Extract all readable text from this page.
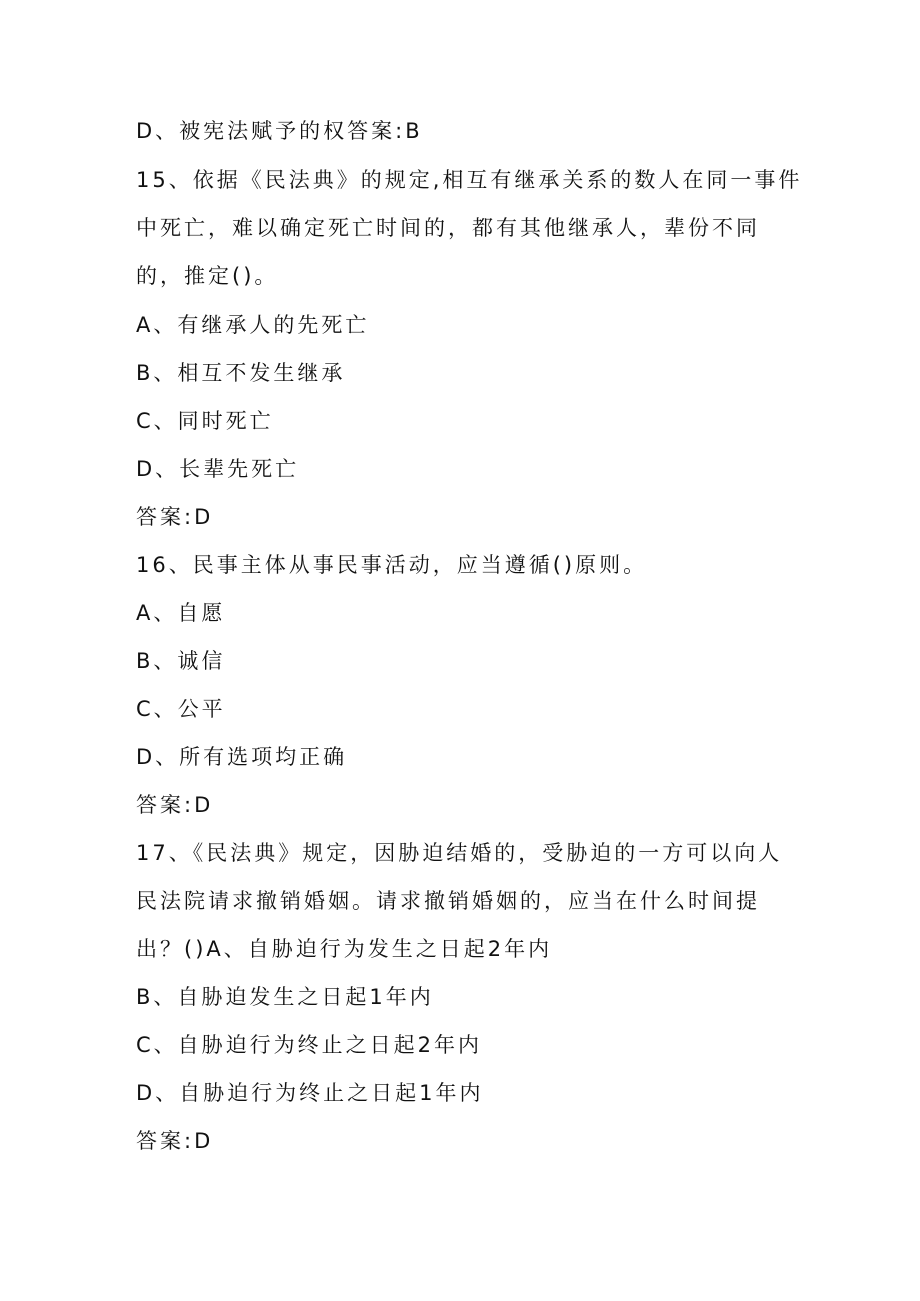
D、被宪法赋予的权答案:B
15、依据《民法典》的规定,相互有继承关系的数人在同一事件
中死亡，难以确定死亡时间的，都有其他继承人，辈份不同
的，推定()。
A、有继承人的先死亡
B、相互不发生继承
C、同时死亡
D、长辈先死亡
答案:D
16、民事主体从事民事活动，应当遵循()原则。
A、自愿
B、诚信
C、公平
D、所有选项均正确
答案:D
17、《民法典》规定，因胁迫结婚的，受胁迫的一方可以向人
民法院请求撤销婚姻。请求撤销婚姻的，应当在什么时间提
出？()A、自胁迫行为发生之日起2年内
B、自胁迫发生之日起1年内
C、自胁迫行为终止之日起2年内
D、自胁迫行为终止之日起1年内
答案:D
